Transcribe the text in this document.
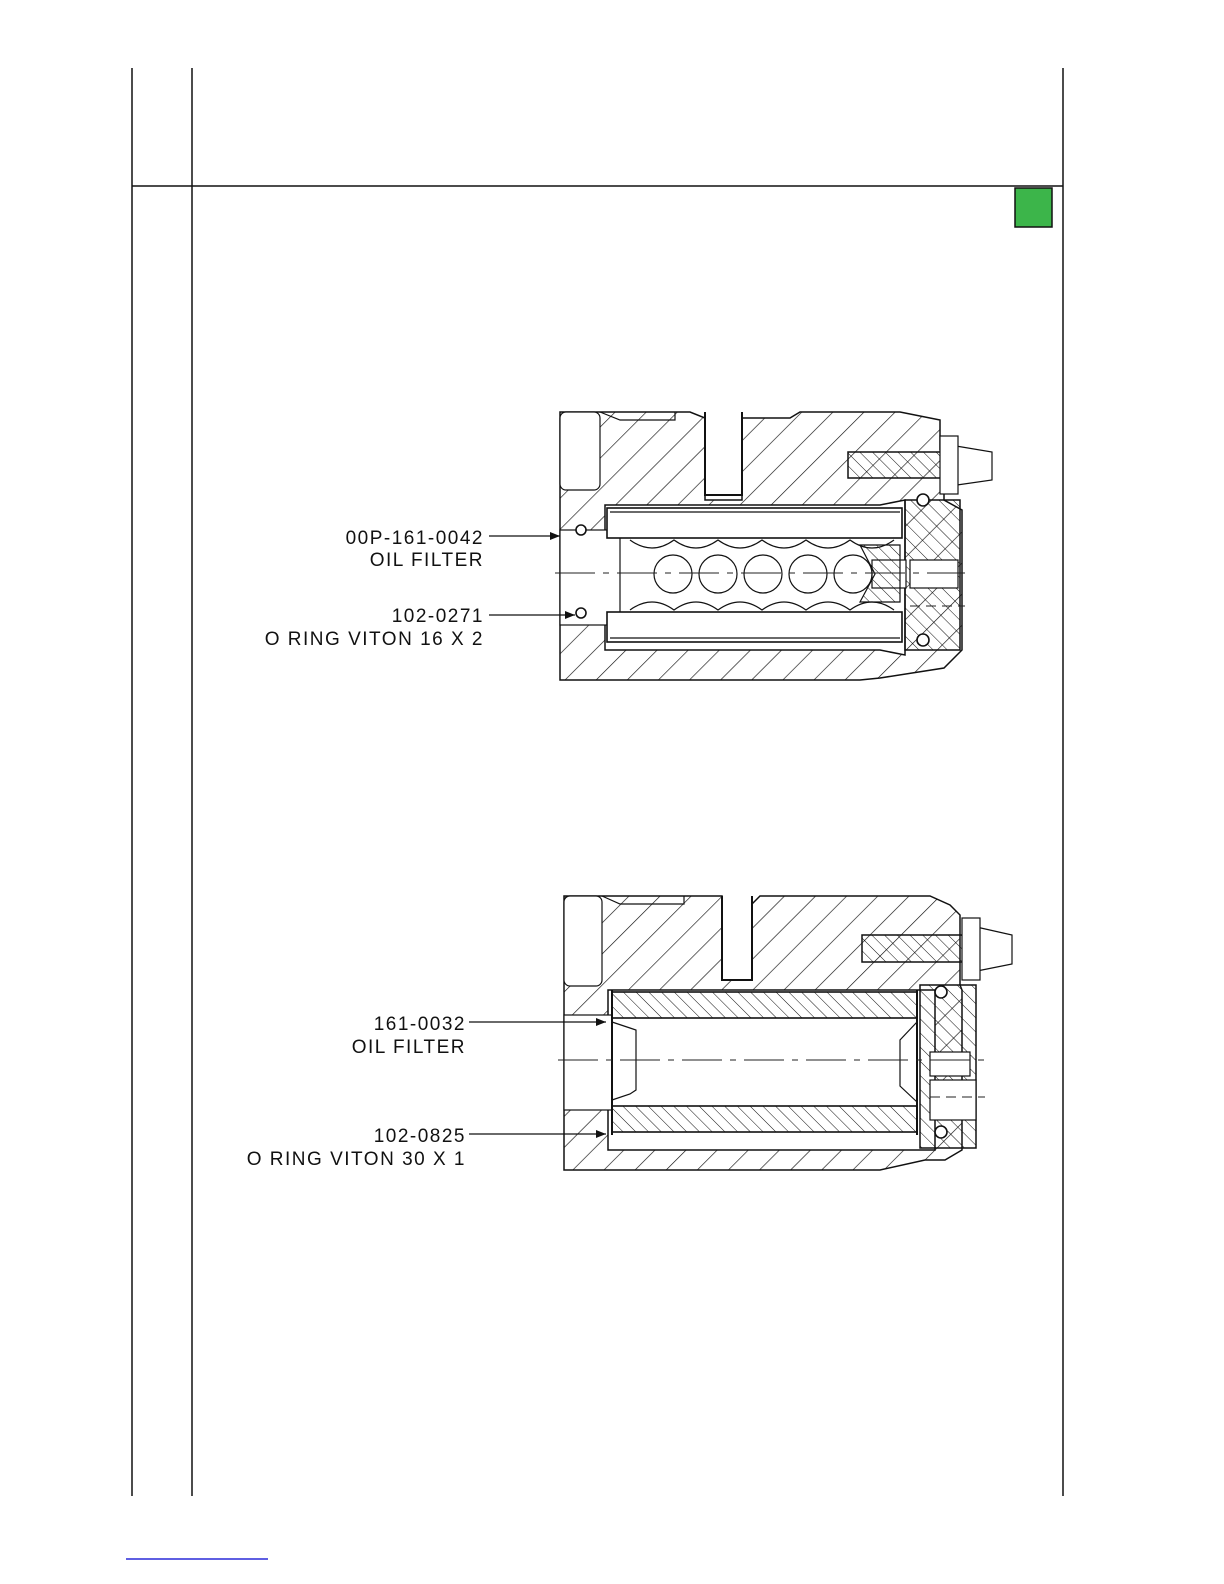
00P-161-0042
OIL FILTER
102-0271
O RING VITON 16 X 2
161-0032
OIL FILTER
102-0825
O RING VITON 30 X 1
